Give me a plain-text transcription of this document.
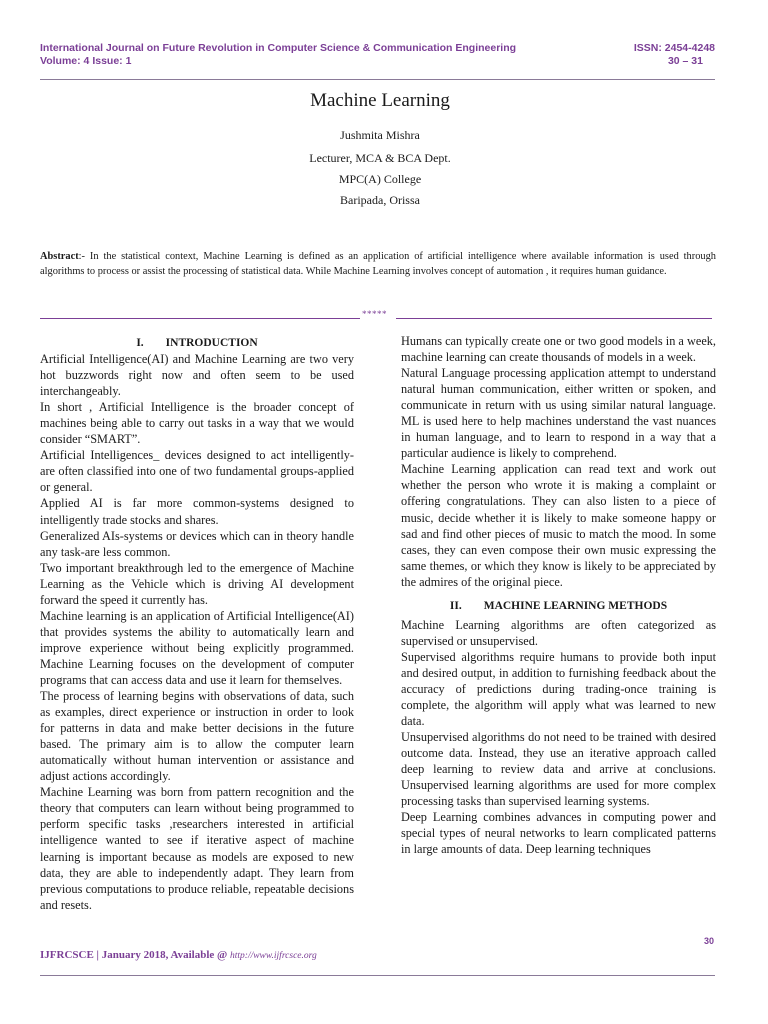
International Journal on Future Revolution in Computer Science & Communication Engineering	ISSN: 2454-4248
Volume: 4 Issue: 1	30 – 31
Machine Learning
Jushmita Mishra
Lecturer, MCA & BCA Dept.
MPC(A) College
Baripada, Orissa
Abstract:- In the statistical context, Machine Learning is defined as an application of artificial intelligence where available information is used through algorithms to process or assist the processing of statistical data. While Machine Learning involves concept of automation , it requires human guidance.
*****

I. INTRODUCTION

Artificial Intelligence(AI) and Machine Learning are two very hot buzzwords right now and often seem to be used interchangeably.

In short , Artificial Intelligence is the broader concept of machines being able to carry out tasks in a way that we would consider “SMART”.

Artificial Intelligences_ devices designed to act intelligently-are often classified into one of two fundamental groups-applied or general.

Applied AI is far more common-systems designed to intelligently trade stocks and shares.

Generalized AIs-systems or devices which can in theory handle any task-are less common.

Two important breakthrough led to the emergence of Machine Learning as the Vehicle which is driving AI development forward the speed it currently has.

Machine learning is an application of Artificial Intelligence(AI) that provides systems the ability to automatically learn and improve experience without being explicitly programmed. Machine Learning focuses on the development of computer programs that can access data and use it learn for themselves.

The process of learning begins with observations of data, such as examples, direct experience or instruction in order to look for patterns in data and make better decisions in the future based. The primary aim is to allow the computer learn automatically without human intervention or assistance and adjust actions accordingly.

Machine Learning was born from pattern recognition and the theory that computers can learn without being programmed to perform specific tasks ,researchers interested in artificial intelligence wanted to see if iterative aspect of machine learning is important because as models are exposed to new data, they are able to independently adapt. They learn from previous computations to produce reliable, repeatable decisions and resets.

Humans can typically create one or two good models in a week, machine learning can create thousands of models in a week.

Natural Language processing application attempt to understand natural human communication, either written or spoken, and communicate in return with us using similar natural language. ML is used here to help machines understand the vast nuances in human language, and to learn to respond in a way that a particular audience is likely to comprehend.

Machine Learning application can read text and work out whether the person who wrote it is making a complaint or offering congratulations. They can also listen to a piece of music, decide whether it is likely to make someone happy or sad and find other pieces of music to match the mood. In some cases, they can even compose their own music expressing the same themes, or which they know is likely to be appreciated by the admires of the original piece.

II. MACHINE LEARNING METHODS

Machine Learning algorithms are often categorized as supervised or unsupervised.

Supervised algorithms require humans to provide both input and desired output, in addition to furnishing feedback about the accuracy of predictions during trading-once training is complete, the algorithm will apply what was learned to new data.

Unsupervised algorithms do not need to be trained with desired outcome data. Instead, they use an iterative approach called deep learning to review data and arrive at conclusions. Unsupervised learning algorithms are used for more complex processing tasks than supervised learning systems.

Deep Learning combines advances in computing power and special types of neural networks to learn complicated patterns in large amounts of data. Deep learning techniques

30
IJFRCSCE | January 2018, Available @ http://www.ijfrcsce.org
